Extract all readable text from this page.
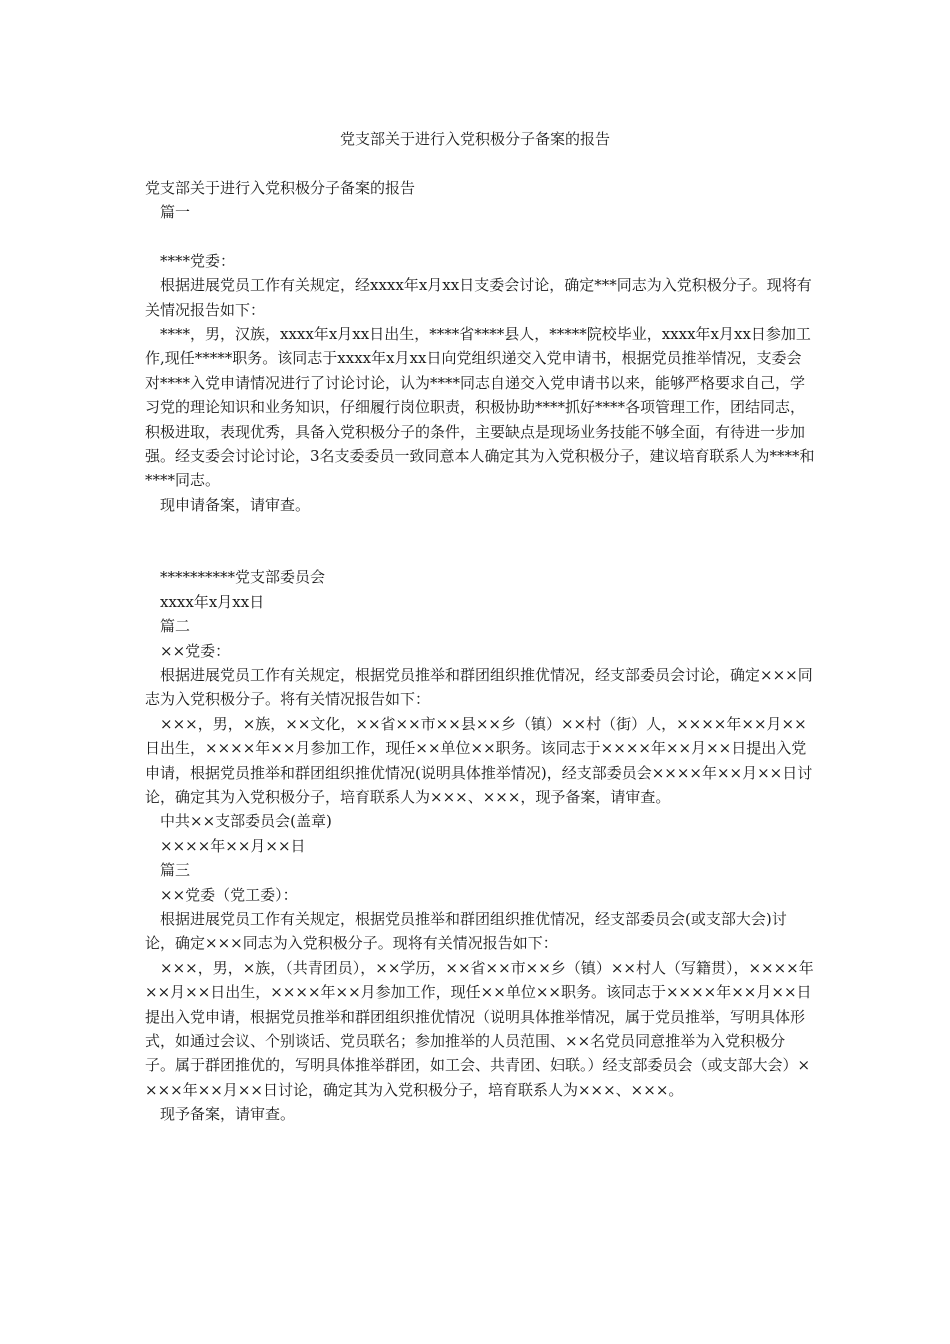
党支部关于进行入党积极分子备案的报告

党支部关于进行入党积极分子备案的报告

篇一

****党委：

根据进展党员工作有关规定，经xxxx年x月xx日支委会讨论，确定***同志为入党积极分子。现将有关情况报告如下：

****，男，汉族，xxxx年x月xx日出生，****省****县人，*****院校毕业，xxxx年x月xx日参加工作,现任*****职务。该同志于xxxx年x月xx日向党组织递交入党申请书，根据党员推举情况，支委会对****入党申请情况进行了讨论讨论，认为****同志自递交入党申请书以来，能够严格要求自己，学习党的理论知识和业务知识，仔细履行岗位职责，积极协助****抓好****各项管理工作，团结同志，积极进取，表现优秀，具备入党积极分子的条件，主要缺点是现场业务技能不够全面，有待进一步加强。经支委会讨论讨论，3名支委委员一致同意本人确定其为入党积极分子，建议培育联系人为****和****同志。

现申请备案，请审查。

**********党支部委员会

xxxx年x月xx日

篇二

××党委：

根据进展党员工作有关规定，根据党员推举和群团组织推优情况，经支部委员会讨论，确定×××同志为入党积极分子。将有关情况报告如下：

×××，男，×族，××文化，××省××市××县××乡（镇）××村（街）人，××××年××月××日出生，××××年××月参加工作，现任××单位××职务。该同志于××××年××月××日提出入党申请，根据党员推举和群团组织推优情况(说明具体推举情况)，经支部委员会××××年××月××日讨论，确定其为入党积极分子，培育联系人为×××、×××，现予备案，请审查。

中共××支部委员会(盖章)

××××年××月××日

篇三

××党委（党工委）：

根据进展党员工作有关规定，根据党员推举和群团组织推优情况，经支部委员会(或支部大会)讨论，确定×××同志为入党积极分子。现将有关情况报告如下：

×××，男，×族，（共青团员），××学历，××省××市××乡（镇）××村人（写籍贯），××××年××月××日出生，××××年××月参加工作，现任××单位××职务。该同志于××××年××月××日提出入党申请，根据党员推举和群团组织推优情况（说明具体推举情况，属于党员推举，写明具体形式，如通过会议、个别谈话、党员联名；参加推举的人员范围、××名党员同意推举为入党积极分子。属于群团推优的，写明具体推举群团，如工会、共青团、妇联。）经支部委员会（或支部大会）××××年××月××日讨论，确定其为入党积极分子，培育联系人为×××、×××。

现予备案，请审查。
